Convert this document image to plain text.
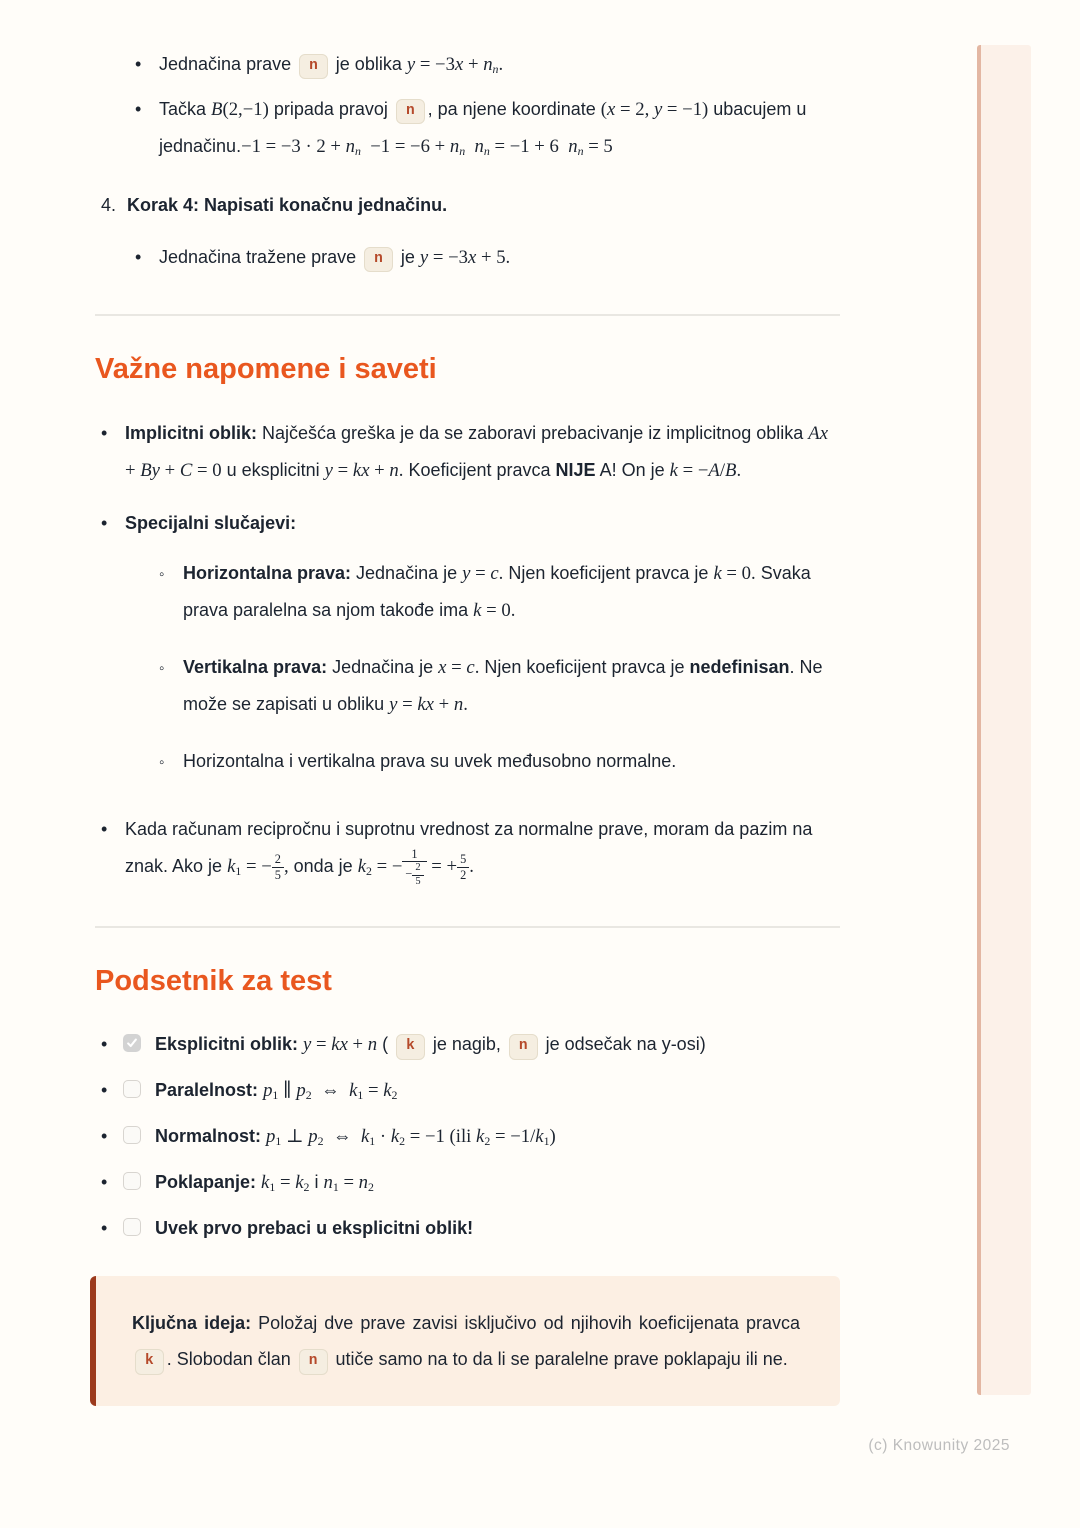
•
Jednačina prave n je oblika $y = -3x + n_n$.
•
Tačka B(2,−1) pripada pravoj n , pa njene koordinate (x = 2, y = −1) ubacujem u jednačinu.−1 = $-3 \cdot 2 + n_n -1 = -6 + n_n$ $n_n = -1 + 6$  $n_n = 5$
4. Korak 4: Napisati konačnu jednačinu.
•
Jednačina tražene prave n je y = −3x + 5.
Važne napomene i saveti
•
Implicitni oblik: Najčešća greška je da se zaboravi prebacivanje iz implicitnog oblika Ax + By + C = 0 u eksplicitni y = kx + n. Koeficijent pravca NIJE A! On je k = −A/B.
•
Specijalni slučajevi:
◦
Horizontalna prava: Jednačina je y = c. Njen koeficijent pravca je k = 0. Svaka prava paralelna sa njom takođe ima k = 0.
◦
Vertikalna prava: Jednačina je x = c. Njen koeficijent pravca je nedefinisan. Ne može se zapisati u obliku y = kx + n.
◦
Horizontalna i vertikalna prava su uvek međusobno normalne.
•
Kada računam recipročnu i suprotnu vrednost za normalne prave, moram da pazim na znak. Ako je $k_1$ = − $\frac{2}{5}$ , onda je $k_2$ = − $\frac{1}{- \frac{2}{5}}$ = + $\frac{5}{2}$ .
Podsetnik za test
•
Eksplicitni oblik: y = kx + n ( k je nagib, n je odsečak na y-osi)
•
Paralelnost: $p_1$ ∥ $p_2$  ⇔  $k_1 = k_2$
•
Normalnost: $p_1$ ⊥ $p_2$  ⇔  $k_1 \cdot k_2 = -1$ (ili $k_2 = -1/k_1$)
•
Poklapanje: $k_1 = k_2$ i $n_1 = n_2$
•
Uvek prvo prebaci u eksplicitni oblik!
Ključna ideja: Položaj dve prave zavisi isključivo od njihovih koeficijenata pravca k . Slobodan član n utiče samo na to da li se paralelne prave poklapaju ili ne.
(c) Knowunity 2025
